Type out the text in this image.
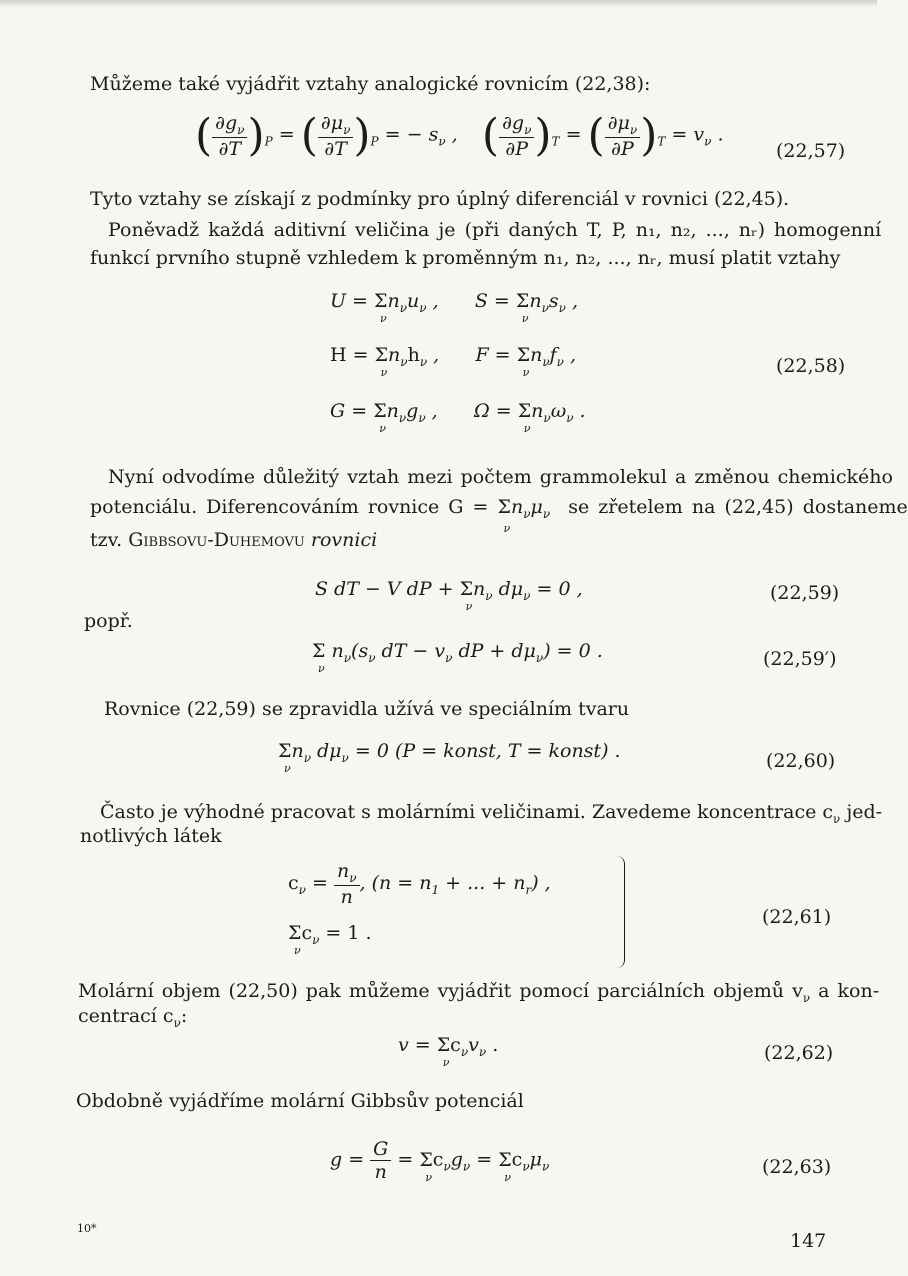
Můžeme také vyjádřit vztahy analogické rovnicím (22,38):
( $\frac{\partial g_\nu}{\partial T} )_P$ = ( $\frac{\partial\mu_\nu}{\partial T} )_P$ = − $s_\nu$ ,    ( $\frac{\partial g_\nu}{\partial P} )_T$ = ( $\frac{\partial\mu_\nu}{\partial P} )_T = v_\nu$ .
(22,57)
Tyto vztahy se získají z podmínky pro úplný diferenciál v rovnici (22,45).
Poněvadž každá aditivní veličina je (při daných T, P, n₁, n₂, ..., nᵣ) homogenní
funkcí prvního stupně vzhledem k proměnným n₁, n₂, ..., nᵣ, musí platit vztahy
U = Σ
ν
$n_\nu u_\nu$ ,      S = Σ
ν
$n_\nu s_\nu$ ,
H = Σ
ν
$n_\nu h_\nu$ ,      F = Σ
ν
$n_\nu f_\nu$ ,	(22,58)
G = Σ
ν
$n_\nu g_\nu$ ,      Ω = Σ
ν
$n_\nu\omega_\nu$ .
Nyní odvodíme důležitý vztah mezi počtem grammolekul a změnou chemického
potenciálu. Diferencováním rovnice G = Σ
ν
$n_\nu\mu_\nu$ se zřetelem na (22,45) dostaneme
tzv. Gibbsovu-Duhemovu rovnici
S dT − V dP + Σ
ν
$n_\nu$ $d\mu_\nu = 0$ ,	(22,59)
popř.
Σ
ν
$n_\nu(s_\nu$ dT − $v_\nu$ dP + $d\mu_\nu) = 0$ .	(22,59′)
Rovnice (22,59) se zpravidla užívá ve speciálním tvaru
Σ
ν
$n_\nu$ $d\mu_\nu = 0$ (P = konst, T = konst) .	(22,60)
Často je výhodné pracovat s molárními veličinami. Zavedeme koncentrace $c_\nu$ jed-
notlivých látek
$c_\nu = \frac{n_\nu}{n}$ , ($n = n_1$ + ... + $n_r$) ,
Σ
ν
$c_\nu = 1$ .
(22,61)
Molární objem (22,50) pak můžeme vyjádřit pomocí parciálních objemů $v_\nu$ a kon-
centrací $c_\nu$:
v = Σ
ν
$c_\nu v_\nu$ .	(22,62)
Obdobně vyjádříme molární Gibbsův potenciál
$g = \frac{G}{n} = \Sigma$
ν
$c_\nu g_\nu = \Sigma$
ν
$c_\nu\mu_\nu$	(22,63)
10*
147
